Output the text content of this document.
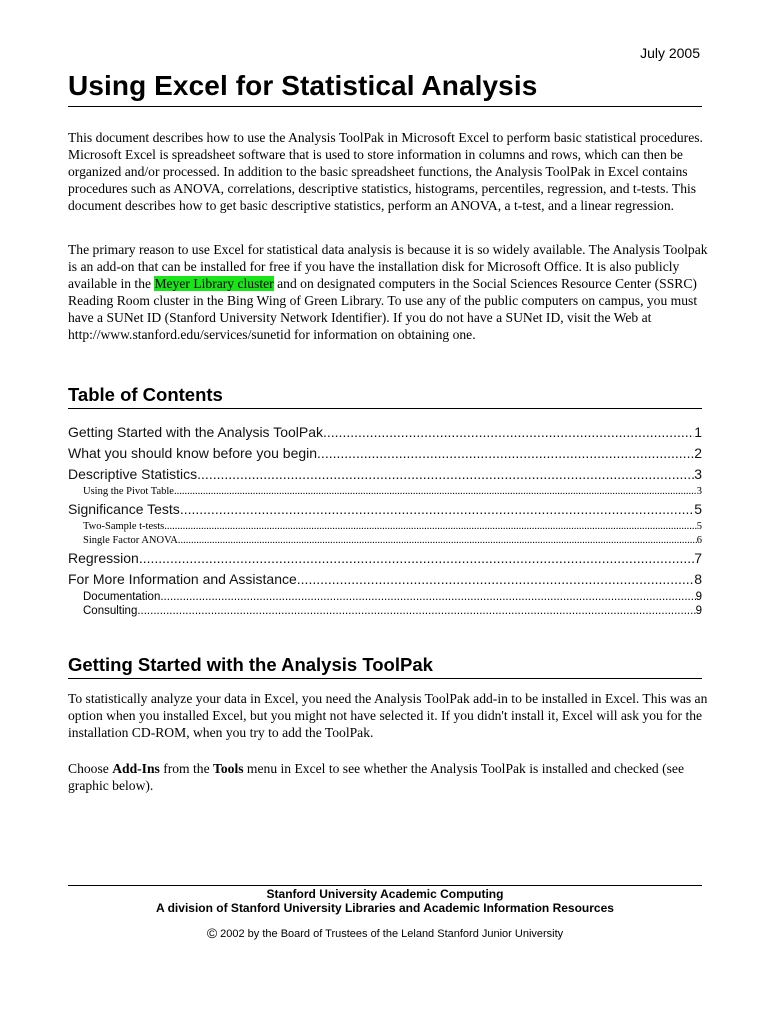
July 2005
Using Excel for Statistical Analysis

This document describes how to use the Analysis ToolPak in Microsoft Excel to perform basic statistical procedures. Microsoft Excel is spreadsheet software that is used to store information in columns and rows, which can then be organized and/or processed. In addition to the basic spreadsheet functions, the Analysis ToolPak in Excel contains procedures such as ANOVA, correlations, descriptive statistics, histograms, percentiles, regression, and t-tests. This document describes how to get basic descriptive statistics, perform an ANOVA, a t-test, and a linear regression.

The primary reason to use Excel for statistical data analysis is because it is so widely available. The Analysis Toolpak is an add-on that can be installed for free if you have the installation disk for Microsoft Office. It is also publicly available in the Meyer Library cluster and on designated computers in the Social Sciences Resource Center (SSRC) Reading Room cluster in the Bing Wing of Green Library. To use any of the public computers on campus, you must have a SUNet ID (Stanford University Network Identifier). If you do not have a SUNet ID, visit the Web at http://www.stanford.edu/services/sunetid for information on obtaining one.

Table of Contents
Getting Started with the Analysis ToolPak .....	1
What you should know before you begin .....	2
Descriptive Statistics .....	3
Using the Pivot Table .....	3
Significance Tests .....	5
Two-Sample t-tests .....	5
Single Factor ANOVA .....	6
Regression .....	7
For More Information and Assistance .....	8
Documentation .....	9
Consulting .....	9
Getting Started with the Analysis ToolPak

To statistically analyze your data in Excel, you need the Analysis ToolPak add-in to be installed in Excel. This was an option when you installed Excel, but you might not have selected it. If you didn't install it, Excel will ask you for the installation CD-ROM, when you try to add the ToolPak.

Choose Add-Ins from the Tools menu in Excel to see whether the Analysis ToolPak is installed and checked (see graphic below).

Stanford University Academic Computing
A division of Stanford University Libraries and Academic Information Resources
© 2002 by the Board of Trustees of the Leland Stanford Junior University
